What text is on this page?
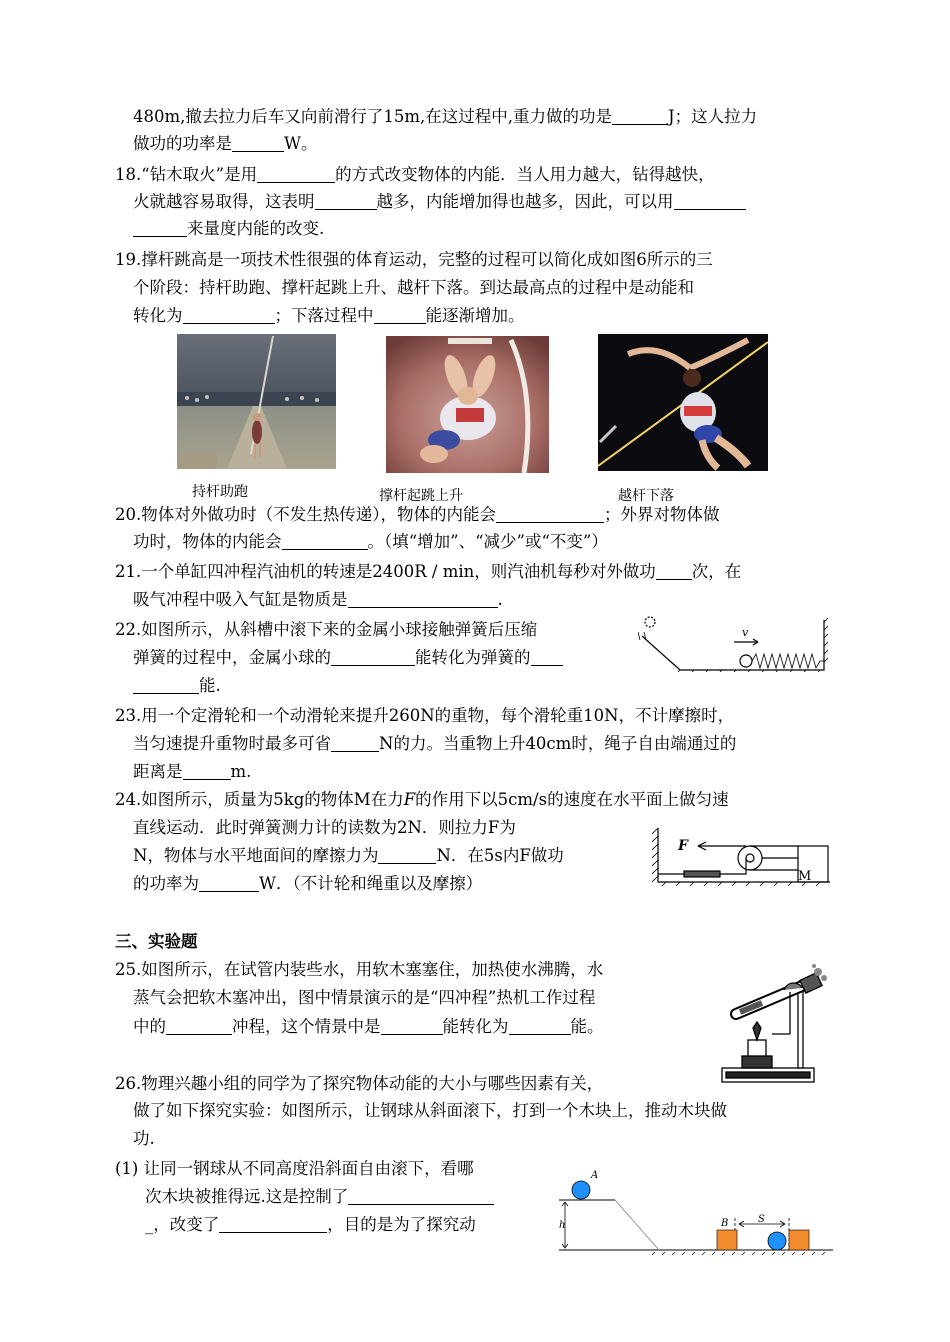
480m,撤去拉力后车又向前滑行了15m,在这过程中,重力做的功是	J；这人拉力
做功的功率是	W。
18.“钻木取火”是用	的方式改变物体的内能．当人用力越大，钻得越快，
火就越容易取得，这表明	越多，内能增加得也越多，因此，可以用
来量度内能的改变.
19.撑杆跳高是一项技术性很强的体育运动，完整的过程可以简化成如图6所示的三
个阶段：持杆助跑、撑杆起跳上升、越杆下落。到达最高点的过程中是动能和
转化为	；下落过程中	能逐渐增加。
持杆助跑	撑杆起跳上升	越杆下落
20.物体对外做功时（不发生热传递），物体的内能会	；外界对物体做
功时，物体的内能会	。（填“增加”、“减少”或“不变”）
21.一个单缸四冲程汽油机的转速是2400R / min，则汽油机每秒对外做功 次，在
吸气冲程中吸入气缸是物质是	.
22.如图所示，从斜槽中滚下来的金属小球接触弹簧后压缩
弹簧的过程中，金属小球的	能转化为弹簧的
能.
v
23.用一个定滑轮和一个动滑轮来提升260N的重物，每个滑轮重10N，不计摩擦时，
当匀速提升重物时最多可省	N的力。当重物上升40cm时，绳子自由端通过的
距离是	m.
24.如图所示，质量为5kg的物体M在力F的作用下以5cm/s的速度在水平面上做匀速
直线运动．此时弹簧测力计的读数为2N．则拉力F为
N，物体与水平地面间的摩擦力为	N．在5s内F做功
的功率为	W．（不计轮和绳重以及摩擦）
F
M
三、实验题
25.如图所示，在试管内装些水，用软木塞塞住，加热使水沸腾，水
蒸气会把软木塞冲出，图中情景演示的是“四冲程”热机工作过程
中的	冲程，这个情景中是	能转化为	能。
26.物理兴趣小组的同学为了探究物体动能的大小与哪些因素有关，
做了如下探究实验：如图所示，让钢球从斜面滚下，打到一个木块上，推动木块做
功.
(1) 让同一钢球从不同高度沿斜面自由滚下，看哪
次木块被推得远.这是控制了
_，改变了	，目的是为了探究动
A
B	S
h
